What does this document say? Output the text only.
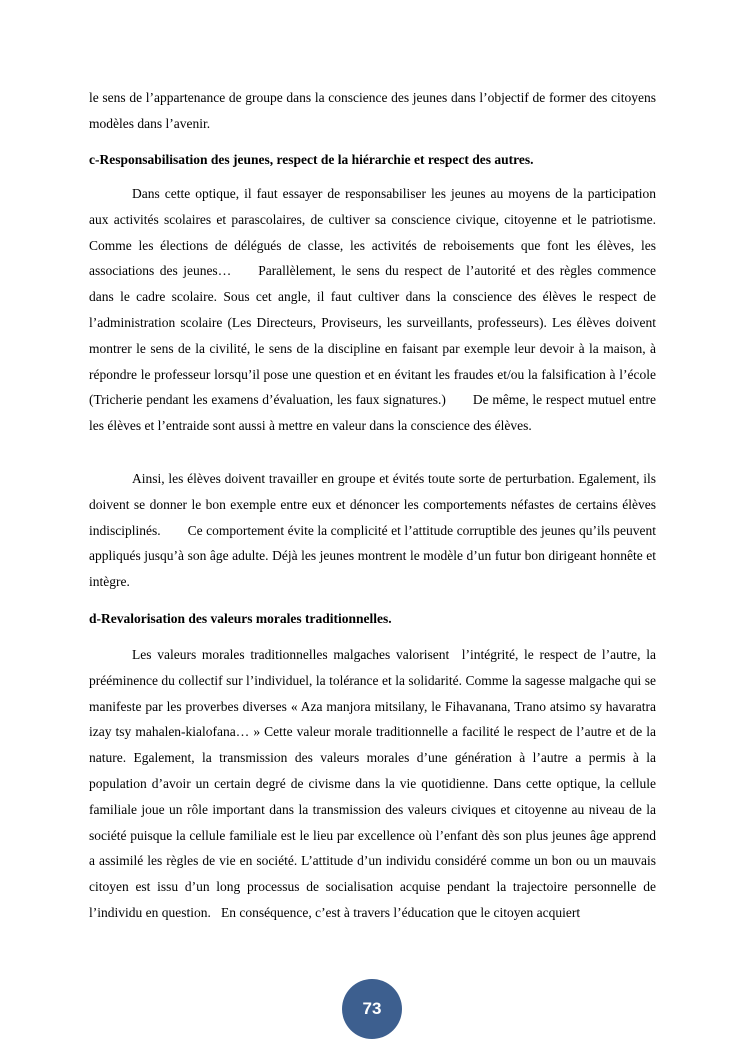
le sens de l’appartenance de groupe dans la conscience des jeunes dans l’objectif de former des citoyens modèles dans l’avenir.

c-Responsabilisation des jeunes, respect de la hiérarchie et respect des autres.

Dans cette optique, il faut essayer de responsabiliser les jeunes au moyens de la participation aux activités scolaires et parascolaires, de cultiver sa conscience civique, citoyenne et le patriotisme. Comme les élections de délégués de classe, les activités de reboisements que font les élèves, les associations des jeunes…  Parallèlement, le sens du respect de l’autorité et des règles commence dans le cadre scolaire. Sous cet angle, il faut cultiver dans la conscience des élèves le respect de l’administration scolaire (Les Directeurs, Proviseurs, les surveillants, professeurs). Les élèves doivent montrer le sens de la civilité, le sens de la discipline en faisant par exemple leur devoir à la maison, à répondre le professeur lorsqu’il pose une question et en évitant les fraudes et/ou la falsification à l’école (Tricherie pendant les examens d’évaluation, les faux signatures.)  De même, le respect mutuel entre les élèves et l’entraide sont aussi à mettre en valeur dans la conscience des élèves.

Ainsi, les élèves doivent travailler en groupe et évités toute sorte de perturbation. Egalement, ils doivent se donner le bon exemple entre eux et dénoncer les comportements néfastes de certains élèves indisciplinés.  Ce comportement évite la complicité et l’attitude corruptible des jeunes qu’ils peuvent appliqués jusqu’à son âge adulte. Déjà les jeunes montrent le modèle d’un futur bon dirigeant honnête et intègre.

d-Revalorisation des valeurs morales traditionnelles.

Les valeurs morales traditionnelles malgaches valorisent  l’intégrité, le respect de l’autre, la prééminence du collectif sur l’individuel, la tolérance et la solidarité. Comme la sagesse malgache qui se manifeste par les proverbes diverses « Aza manjora mitsilany, le Fihavanana, Trano atsimo sy havaratra izay tsy mahalen-kialofana… » Cette valeur morale traditionnelle a facilité le respect de l’autre et de la nature. Egalement, la transmission des valeurs morales d’une génération à l’autre a permis à la population d’avoir un certain degré de civisme dans la vie quotidienne. Dans cette optique, la cellule familiale joue un rôle important dans la transmission des valeurs civiques et citoyenne au niveau de la société puisque la cellule familiale est le lieu par excellence où l’enfant dès son plus jeunes âge apprend a assimilé les règles de vie en société. L’attitude d’un individu considéré comme un bon ou un mauvais citoyen est issu d’un long processus de socialisation acquise pendant la trajectoire personnelle de l’individu en question.  En conséquence, c’est à travers l’éducation que le citoyen acquiert

73
